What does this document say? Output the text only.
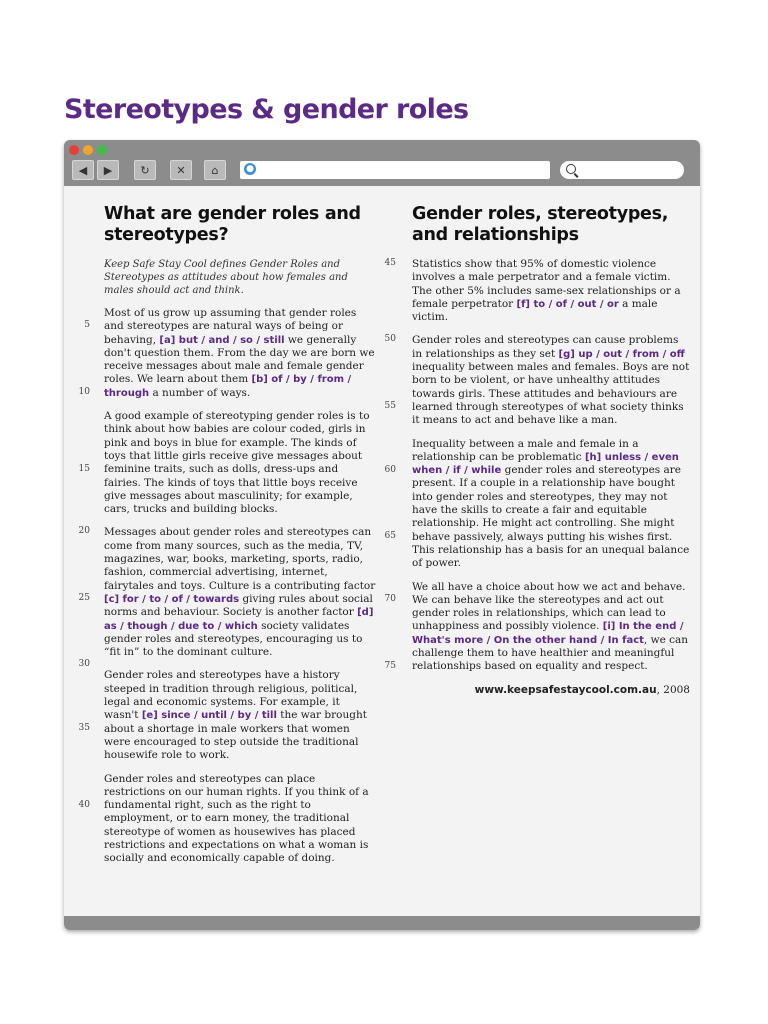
Stereotypes & gender roles
◀	▶	↻	✕	⌂	●
What are gender roles and stereotypes?

Keep Safe Stay Cool defines Gender Roles and Stereotypes as attitudes about how females and males should act and think.

5
10

Most of us grow up assuming that gender roles and stereotypes are natural ways of being or behaving, [a] but / and / so / still we generally don't question them. From the day we are born we receive messages about male and female gender roles. We learn about them [b] of / by / from / through a number of ways.

15

A good example of stereotyping gender roles is to think about how babies are colour coded, girls in pink and boys in blue for example. The kinds of toys that little girls receive give messages about feminine traits, such as dolls, dress-ups and fairies. The kinds of toys that little boys receive give messages about masculinity; for example, cars, trucks and building blocks.

20
25
30

Messages about gender roles and stereotypes can come from many sources, such as the media, TV, magazines, war, books, marketing, sports, radio, fashion, commercial advertising, internet, fairytales and toys. Culture is a contributing factor [c] for / to / of / towards giving rules about social norms and behaviour. Society is another factor [d] as / though / due to / which society validates gender roles and stereotypes, encouraging us to “fit in” to the dominant culture.

35

Gender roles and stereotypes have a history steeped in tradition through religious, political, legal and economic systems. For example, it wasn't [e] since / until / by / till the war brought about a shortage in male workers that women were encouraged to step outside the traditional housewife role to work.

40

Gender roles and stereotypes can place restrictions on our human rights. If you think of a fundamental right, such as the right to employment, or to earn money, the traditional stereotype of women as housewives has placed restrictions and expectations on what a woman is socially and economically capable of doing.

Gender roles, stereotypes, and relationships
45 Statistics show that 95% of domestic violence involves a male perpetrator and a female victim. The other 5% includes same-sex relationships or a female perpetrator [f] to / of / out / or a male victim.

50
55

Gender roles and stereotypes can cause problems in relationships as they set [g] up / out / from / off inequality between males and females. Boys are not born to be violent, or have unhealthy attitudes towards girls. These attitudes and behaviours are learned through stereotypes of what society thinks it means to act and behave like a man.

60
65

Inequality between a male and female in a relationship can be problematic [h] unless / even when / if / while gender roles and stereotypes are present. If a couple in a relationship have bought into gender roles and stereotypes, they may not have the skills to create a fair and equitable relationship. He might act controlling. She might behave passively, always putting his wishes first. This relationship has a basis for an unequal balance of power.

70
75

We all have a choice about how we act and behave. We can behave like the stereotypes and act out gender roles in relationships, which can lead to unhappiness and possibly violence. [i] In the end / What's more / On the other hand / In fact, we can challenge them to have healthier and meaningful relationships based on equality and respect.

www.keepsafestaycool.com.au, 2008
